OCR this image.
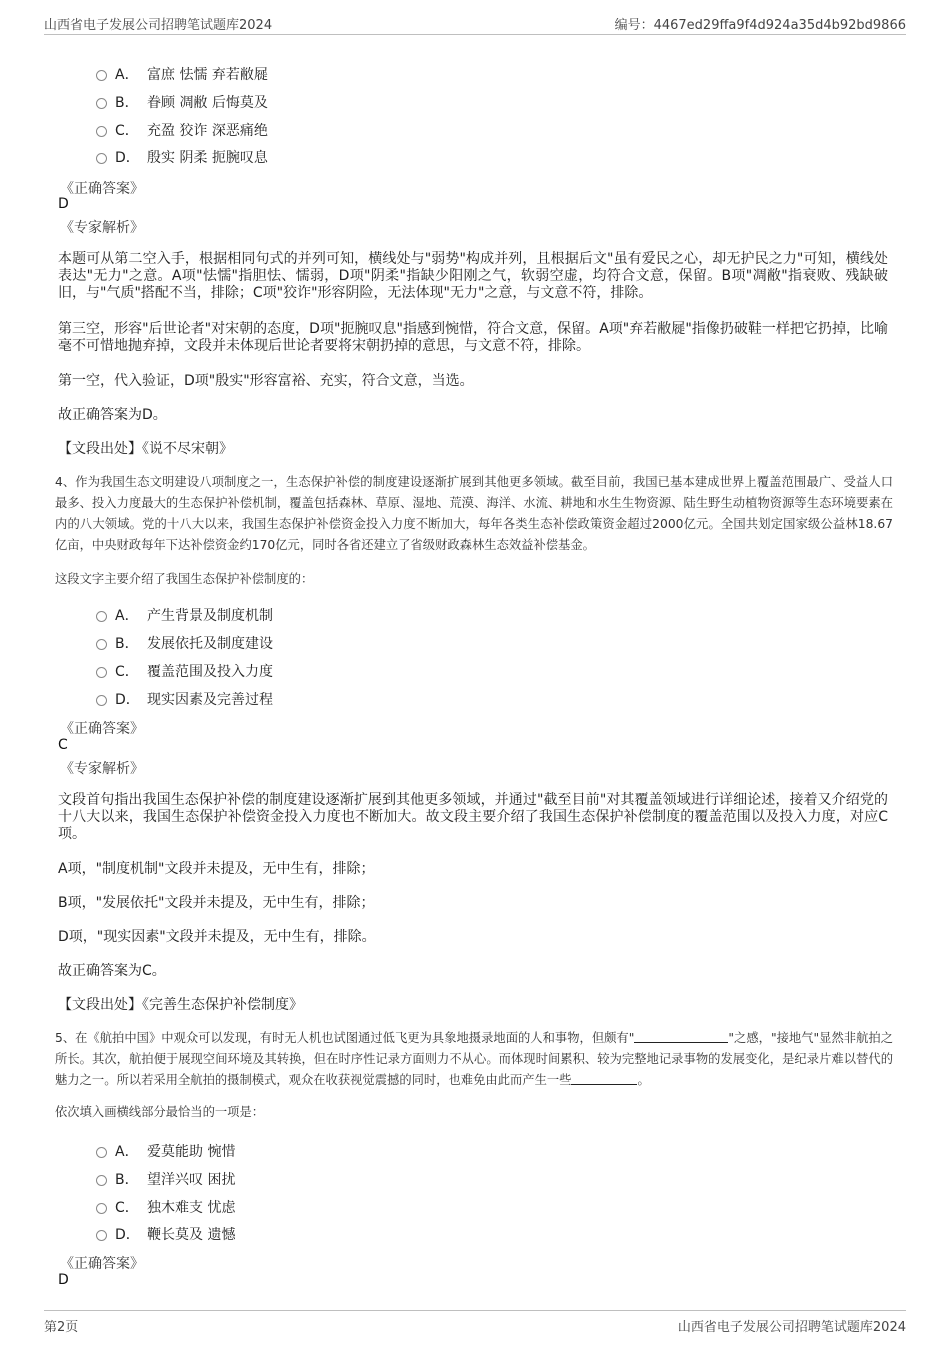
山西省电子发展公司招聘笔试题库2024	编号：4467ed29ffa9f4d924a35d4b92bd9866
A． 富庶 怯懦 弃若敝屣
B． 眷顾 凋敝 后悔莫及
C． 充盈 狡诈 深恶痛绝
D． 殷实 阴柔 扼腕叹息
《正确答案》
D
《专家解析》
本题可从第二空入手，根据相同句式的并列可知，横线处与"弱势"构成并列，且根据后文"虽有爱民之心，却无护民之力"可知，横线处表达"无力"之意。A项"怯懦"指胆怯、懦弱，D项"阴柔"指缺少阳刚之气，软弱空虚，均符合文意，保留。B项"凋敝"指衰败、残缺破旧，与"气质"搭配不当，排除；C项"狡诈"形容阴险，无法体现"无力"之意，与文意不符，排除。
第三空，形容"后世论者"对宋朝的态度，D项"扼腕叹息"指感到惋惜，符合文意，保留。A项"弃若敝屣"指像扔破鞋一样把它扔掉，比喻毫不可惜地抛弃掉，文段并未体现后世论者要将宋朝扔掉的意思，与文意不符，排除。
第一空，代入验证，D项"殷实"形容富裕、充实，符合文意，当选。
故正确答案为D。
【文段出处】《说不尽宋朝》
4、作为我国生态文明建设八项制度之一，生态保护补偿的制度建设逐渐扩展到其他更多领域。截至目前，我国已基本建成世界上覆盖范围最广、受益人口最多、投入力度最大的生态保护补偿机制，覆盖包括森林、草原、湿地、荒漠、海洋、水流、耕地和水生生物资源、陆生野生动植物资源等生态环境要素在内的八大领域。党的十八大以来，我国生态保护补偿资金投入力度不断加大，每年各类生态补偿政策资金超过2000亿元。全国共划定国家级公益林18.67亿亩，中央财政每年下达补偿资金约170亿元，同时各省还建立了省级财政森林生态效益补偿基金。
这段文字主要介绍了我国生态保护补偿制度的：
A． 产生背景及制度机制
B． 发展依托及制度建设
C． 覆盖范围及投入力度
D． 现实因素及完善过程
《正确答案》
C
《专家解析》
文段首句指出我国生态保护补偿的制度建设逐渐扩展到其他更多领域，并通过"截至目前"对其覆盖领域进行详细论述，接着又介绍党的十八大以来，我国生态保护补偿资金投入力度也不断加大。故文段主要介绍了我国生态保护补偿制度的覆盖范围以及投入力度，对应C项。
A项，"制度机制"文段并未提及，无中生有，排除；
B项，"发展依托"文段并未提及，无中生有，排除；
D项，"现实因素"文段并未提及，无中生有，排除。
故正确答案为C。
【文段出处】《完善生态保护补偿制度》
5、在《航拍中国》中观众可以发现，有时无人机也试图通过低飞更为具象地摄录地面的人和事物，但颇有"	"之感，"接地气"显然非航拍之所长。其次，航拍便于展现空间环境及其转换，但在时序性记录方面则力不从心。而体现时间累积、较为完整地记录事物的发展变化，是纪录片难以替代的魅力之一。所以若采用全航拍的摄制模式，观众在收获视觉震撼的同时，也难免由此而产生一些	。
依次填入画横线部分最恰当的一项是：
A． 爱莫能助 惋惜
B． 望洋兴叹 困扰
C． 独木难支 忧虑
D． 鞭长莫及 遗憾
《正确答案》
D
第2页	山西省电子发展公司招聘笔试题库2024
